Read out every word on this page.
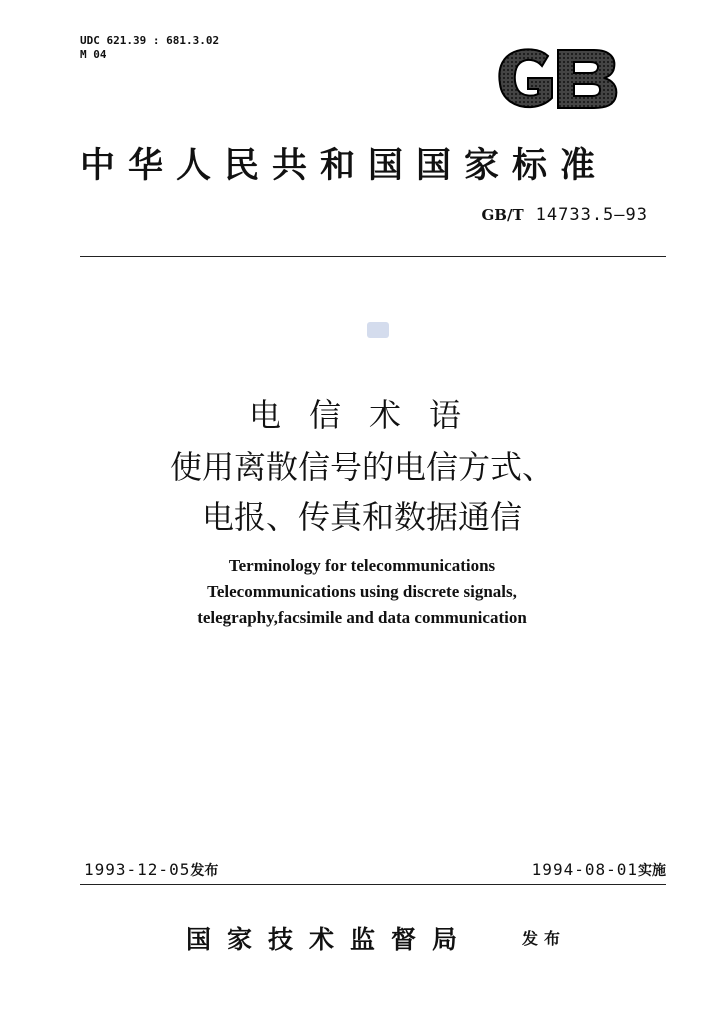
UDC 621.39 : 681.3.02
M 04
GB
中华人民共和国国家标准
GB/T 14733.5—93
电信术语
使用离散信号的电信方式、
电报、传真和数据通信
Terminology for telecommunications
Telecommunications using discrete signals,
telegraphy,facsimile and data communication
1993-12-05发布	1994-08-01实施
国家技术监督局	发布
